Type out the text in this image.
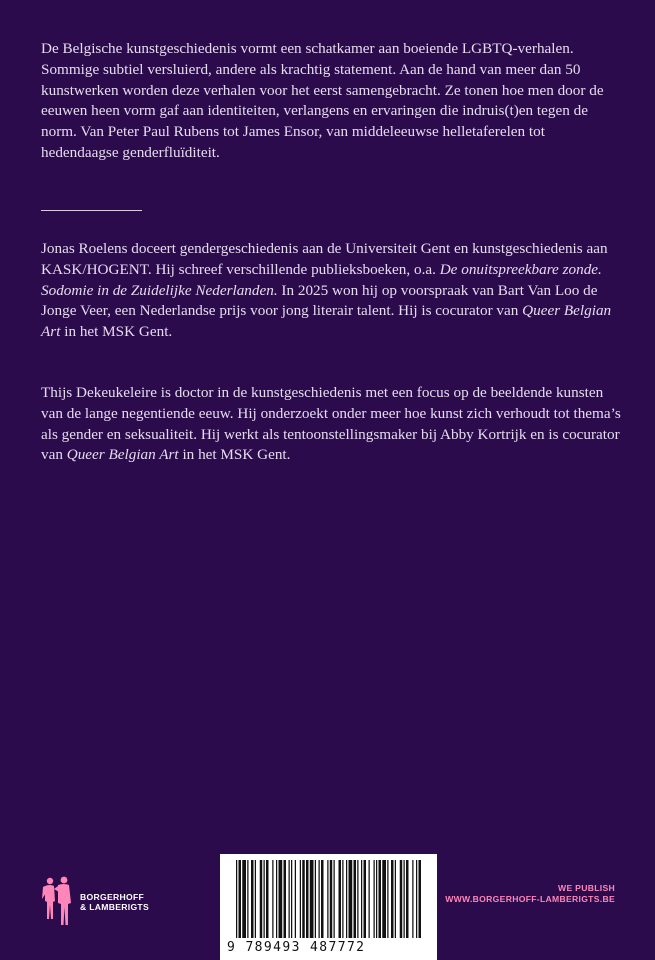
De Belgische kunstgeschiedenis vormt een schatkamer aan boeiende LGBTQ-verhalen. Sommige subtiel versluierd, andere als krachtig statement. Aan de hand van meer dan 50 kunstwerken worden deze verhalen voor het eerst samengebracht. Ze tonen hoe men door de eeuwen heen vorm gaf aan identiteiten, verlangens en ervaringen die indruis(t)en tegen de norm. Van Peter Paul Rubens tot James Ensor, van middeleeuwse helletaferelen tot hedendaagse genderfluïditeit.

Jonas Roelens doceert gendergeschiedenis aan de Universiteit Gent en kunstgeschiedenis aan KASK/HOGENT. Hij schreef verschillende publieksboeken, o.a. De onuitspreekbare zonde. Sodomie in de Zuidelijke Nederlanden. In 2025 won hij op voorspraak van Bart Van Loo de Jonge Veer, een Nederlandse prijs voor jong literair talent. Hij is cocurator van Queer Belgian Art in het MSK Gent.

Thijs Dekeukeleire is doctor in de kunstgeschiedenis met een focus op de beeldende kunsten van de lange negentiende eeuw. Hij onderzoekt onder meer hoe kunst zich verhoudt tot thema’s als gender en seksualiteit. Hij werkt als tentoonstellingsmaker bij Abby Kortrijk en is cocurator van Queer Belgian Art in het MSK Gent.

BORGERHOFF
& LAMBERIGTS
9 789493 487772
WE PUBLISH
WWW.BORGERHOFF-LAMBERIGTS.BE
